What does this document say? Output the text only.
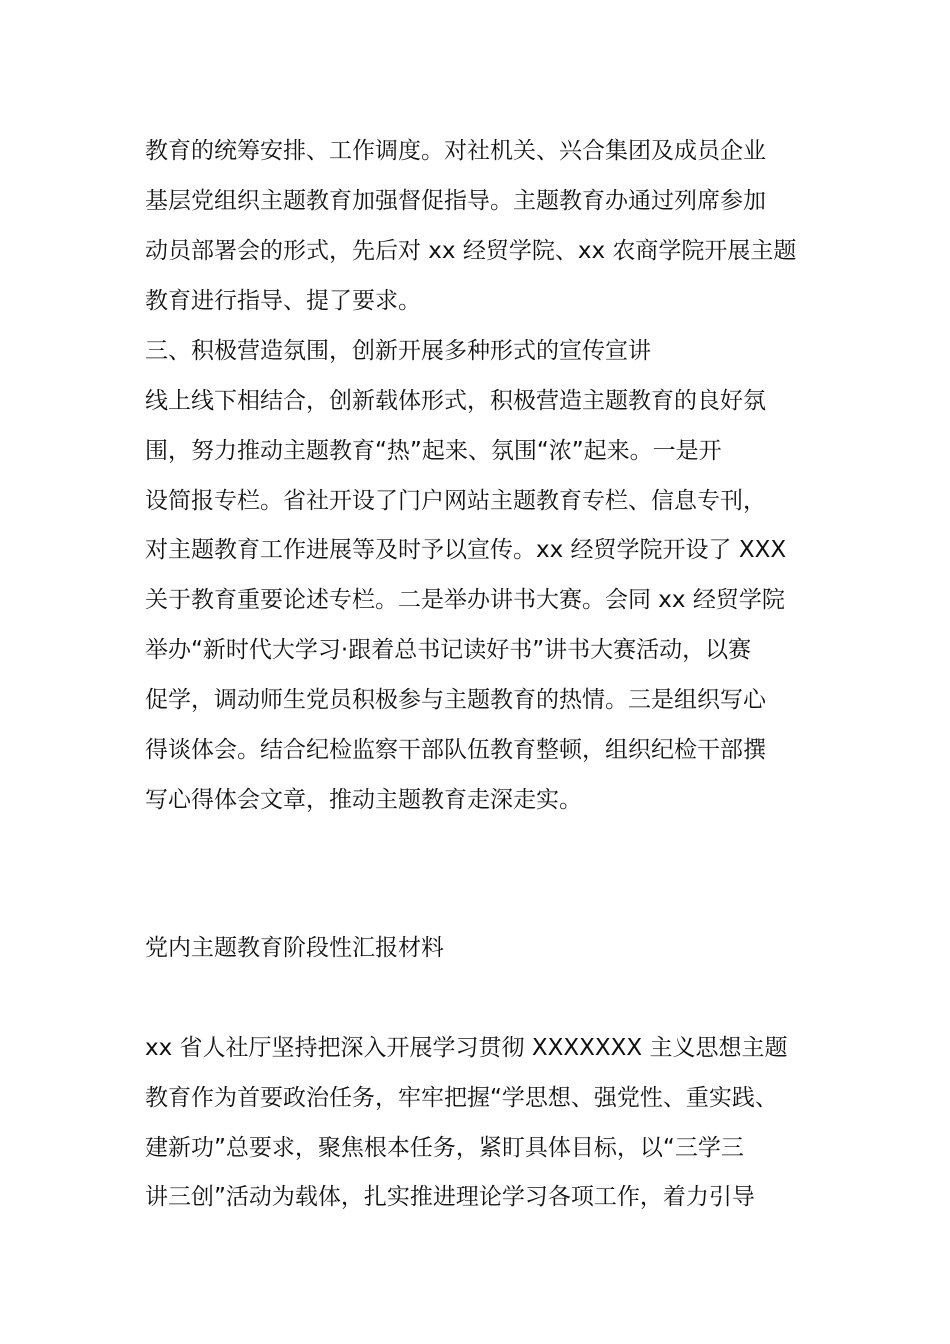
教育的统筹安排、工作调度。对社机关、兴合集团及成员企业

基层党组织主题教育加强督促指导。主题教育办通过列席参加

动员部署会的形式，先后对 xx 经贸学院、xx 农商学院开展主题

教育进行指导、提了要求。

三、积极营造氛围，创新开展多种形式的宣传宣讲

线上线下相结合，创新载体形式，积极营造主题教育的良好氛

围，努力推动主题教育“热”起来、氛围“浓”起来。一是开

设简报专栏。省社开设了门户网站主题教育专栏、信息专刊，

对主题教育工作进展等及时予以宣传。xx 经贸学院开设了 XXX

关于教育重要论述专栏。二是举办讲书大赛。会同 xx 经贸学院

举办“新时代大学习·跟着总书记读好书”讲书大赛活动，以赛

促学，调动师生党员积极参与主题教育的热情。三是组织写心

得谈体会。结合纪检监察干部队伍教育整顿，组织纪检干部撰

写心得体会文章，推动主题教育走深走实。

党内主题教育阶段性汇报材料

xx 省人社厅坚持把深入开展学习贯彻 XXXXXXX 主义思想主题

教育作为首要政治任务，牢牢把握“学思想、强党性、重实践、

建新功”总要求，聚焦根本任务，紧盯具体目标，以“三学三

讲三创”活动为载体，扎实推进理论学习各项工作，着力引导
